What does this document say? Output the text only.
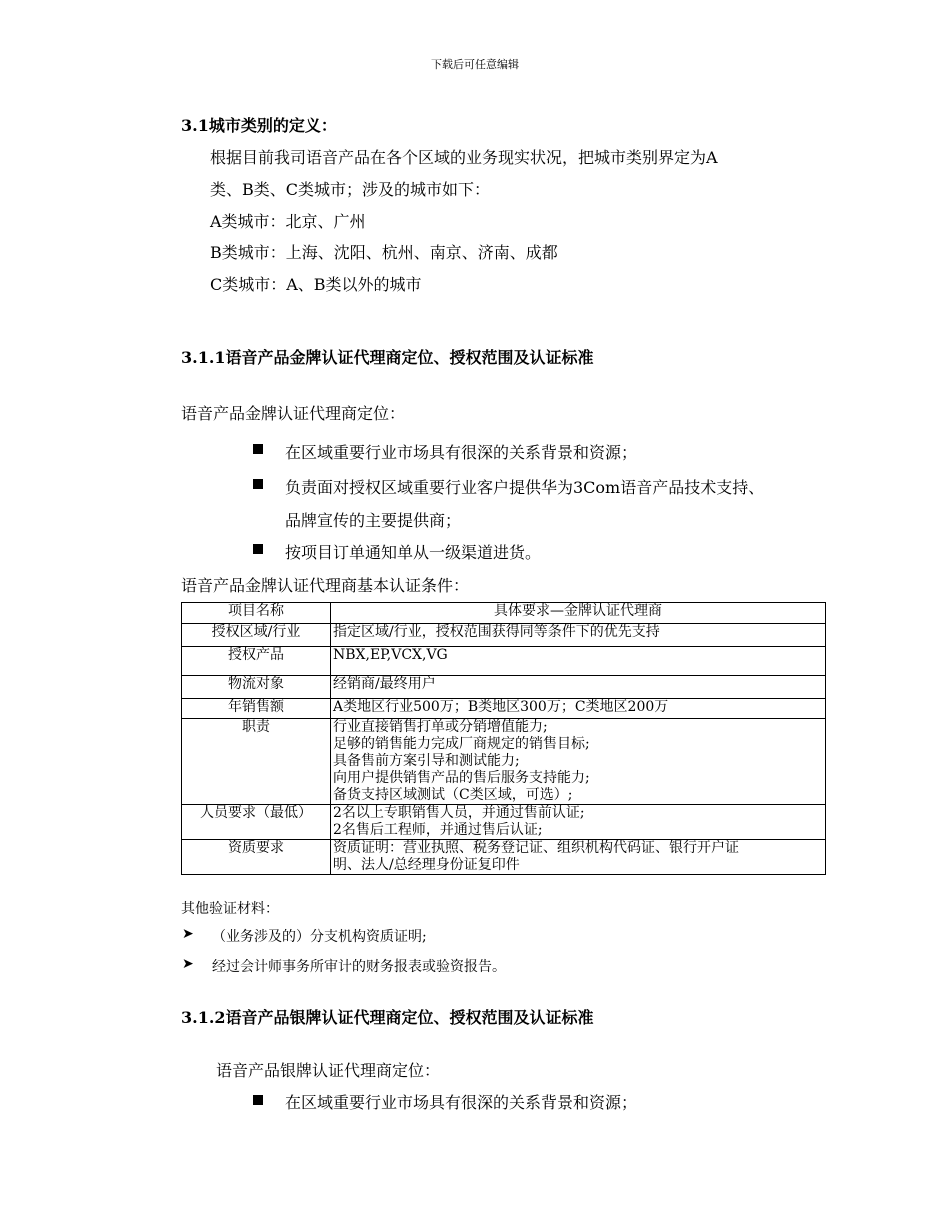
下载后可任意编辑
3.1城市类别的定义：
根据目前我司语音产品在各个区域的业务现实状况，把城市类别界定为A
类、B类、C类城市；涉及的城市如下：
A类城市：北京、广州
B类城市：上海、沈阳、杭州、南京、济南、成都
C类城市：A、B类以外的城市
3.1.1语音产品金牌认证代理商定位、授权范围及认证标准
语音产品金牌认证代理商定位：
在区域重要行业市场具有很深的关系背景和资源；
负责面对授权区域重要行业客户提供华为3Com语音产品技术支持、
品牌宣传的主要提供商；
按项目订单通知单从一级渠道进货。
语音产品金牌认证代理商基本认证条件：
项目名称	具体要求—金牌认证代理商
授权区域/行业	指定区域/行业，授权范围获得同等条件下的优先支持

授权产品	NBX,EP,VCX,VG

物流对象	经销商/最终用户

年销售额	A类地区行业500万；B类地区300万；C类地区200万

职责	行业直接销售打单或分销增值能力;
足够的销售能力完成厂商规定的销售目标;
具备售前方案引导和测试能力;
向用户提供销售产品的售后服务支持能力;
备货支持区域测试（C类区域，可选）;

人员要求（最低）	2名以上专职销售人员，并通过售前认证;
2名售后工程师，并通过售后认证;

资质要求	资质证明：营业执照、税务登记证、组织机构代码证、银行开户证
明、法人/总经理身份证复印件
其他验证材料：
➤ （业务涉及的）分支机构资质证明;
➤ 经过会计师事务所审计的财务报表或验资报告。
3.1.2语音产品银牌认证代理商定位、授权范围及认证标准
语音产品银牌认证代理商定位：
在区域重要行业市场具有很深的关系背景和资源；
